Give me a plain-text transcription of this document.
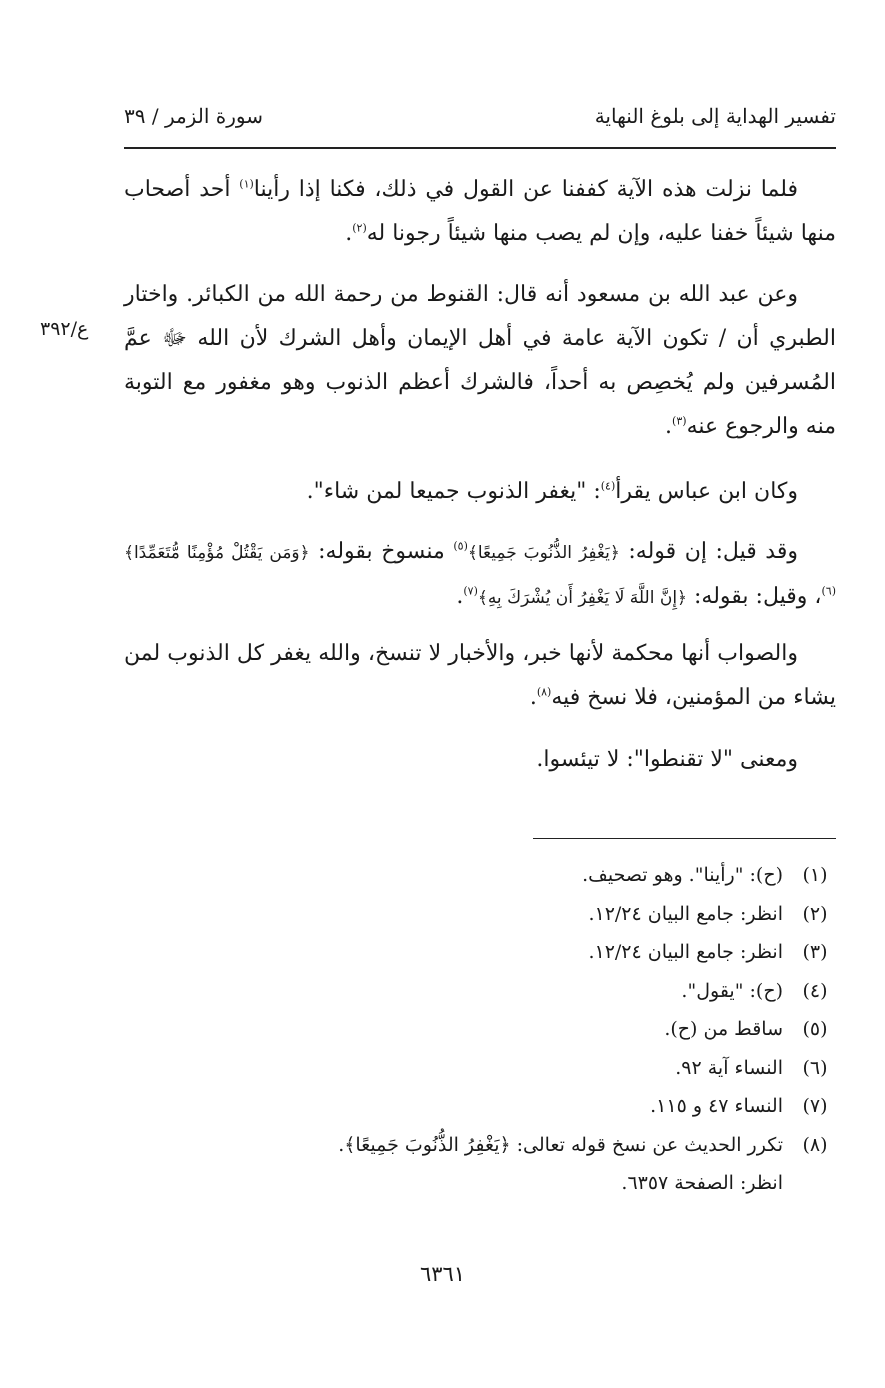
تفسير الهداية إلى بلوغ النهاية
سورة الزمر / ٣٩

فلما نزلت هذه الآية كففنا عن القول في ذلك، فكنا إذا رأينا$^{(١)}$ أحد أصحاب منها شيئاً خفنا عليه، وإن لم يصب منها شيئاً رجونا له$^{(٢)}$.

وعن عبد الله بن مسعود أنه قال: القنوط من رحمة الله من الكبائر. واختار الطبري أن / تكون الآية عامة في أهل الإيمان وأهل الشرك لأن الله ﷻ عمَّ المُسرفين ولم يُخصِص به أحداً، فالشرك أعظم الذنوب وهو مغفور مع التوبة منه والرجوع عنه$^{(٣)}$.

ع/٣٩٢

وكان ابن عباس يقرأ$^{(٤)}$: "يغفر الذنوب جميعا لمن شاء".

وقد قيل: إن قوله: ﴿يَغْفِرُ الذُّنُوبَ جَمِيعًا﴾$^{(٥)}$ منسوخ بقوله: ﴿وَمَن يَقْتُلْ مُؤْمِنًا مُّتَعَمِّدًا﴾$^{(٦)}$، وقيل: بقوله: ﴿إِنَّ اللَّهَ لَا يَغْفِرُ أَن يُشْرَكَ بِهِ﴾$^{(٧)}$.

والصواب أنها محكمة لأنها خبر، والأخبار لا تنسخ، والله يغفر كل الذنوب لمن يشاء من المؤمنين، فلا نسخ فيه$^{(٨)}$.

ومعنى "لا تقنطوا": لا تيئسوا.

(١)(ح): "رأينا". وهو تصحيف.
(٢)انظر: جامع البيان ١٢/٢٤.
(٣)انظر: جامع البيان ١٢/٢٤.
(٤)(ح): "يقول".
(٥)ساقط من (ح).
(٦)النساء آية ٩٢.
(٧)النساء ٤٧ و ١١٥.
(٨)تكرر الحديث عن نسخ قوله تعالى: ﴿يَغْفِرُ الذُّنُوبَ جَمِيعًا﴾.
انظر: الصفحة ٦٣٥٧.
٦٣٦١
